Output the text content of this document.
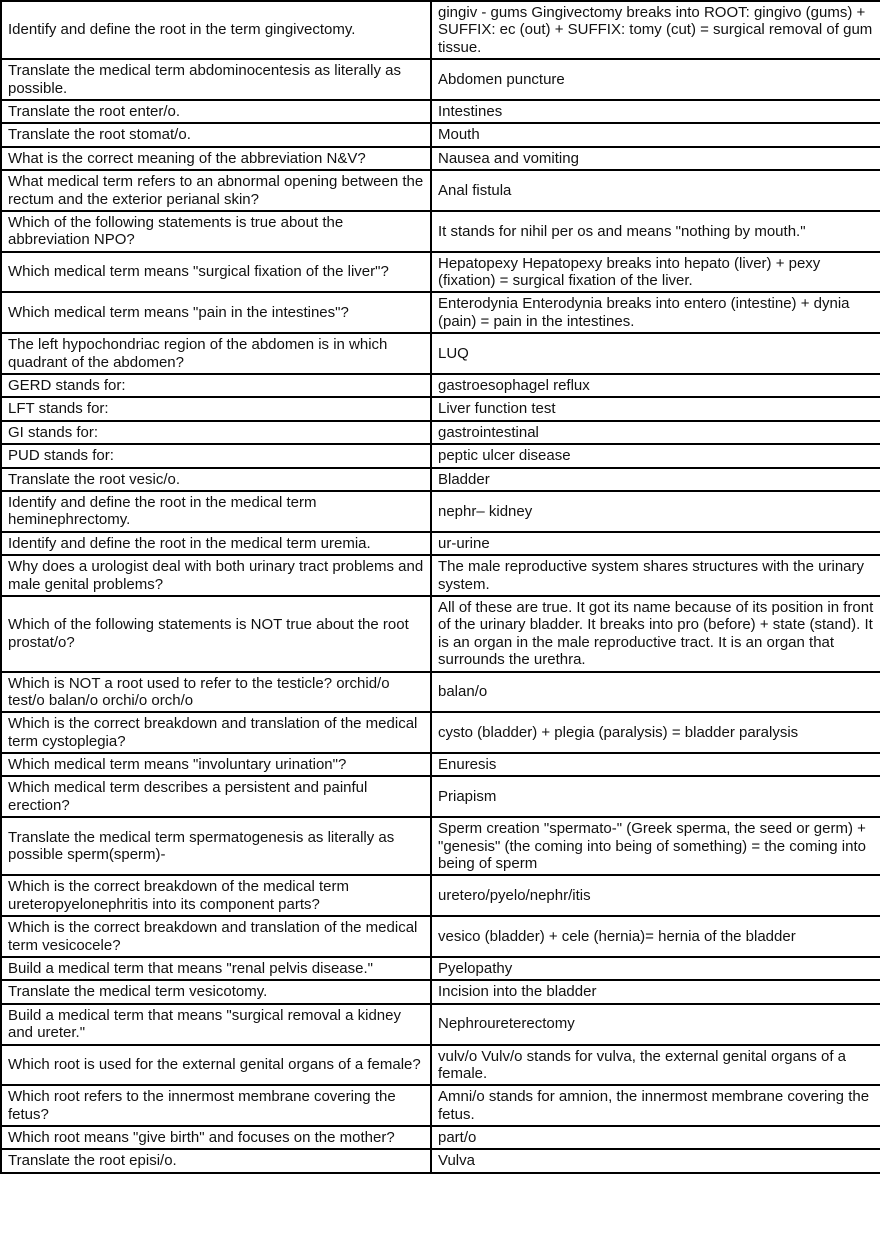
Identify and define the root in the term gingivectomy.	gingiv - gums Gingivectomy breaks into ROOT: gingivo (gums) + SUFFIX: ec (out) + SUFFIX: tomy (cut) = surgical removal of gum tissue.
Translate the medical term abdominocentesis as literally as possible.	Abdomen puncture
Translate the root enter/o.	Intestines
Translate the root stomat/o.	Mouth
What is the correct meaning of the abbreviation N&V?	Nausea and vomiting
What medical term refers to an abnormal opening between the rectum and the exterior perianal skin?	Anal fistula
Which of the following statements is true about the abbreviation NPO?	It stands for nihil per os and means "nothing by mouth."
Which medical term means "surgical fixation of the liver"?	Hepatopexy Hepatopexy breaks into hepato (liver) + pexy (fixation) = surgical fixation of the liver.
Which medical term means "pain in the intestines"?	Enterodynia Enterodynia breaks into entero (intestine) + dynia (pain) = pain in the intestines.
The left hypochondriac region of the abdomen is in which quadrant of the abdomen?	LUQ
GERD stands for:	gastroesophagel reflux
LFT stands for:	Liver function test
GI stands for:	gastrointestinal
PUD stands for:	peptic ulcer disease
Translate the root vesic/o.	Bladder
Identify and define the root in the medical term heminephrectomy.	nephr– kidney
Identify and define the root in the medical term uremia.	ur-urine
Why does a urologist deal with both urinary tract problems and male genital problems?	The male reproductive system shares structures with the urinary system.
Which of the following statements is NOT true about the root prostat/o?	All of these are true. It got its name because of its position in front of the urinary bladder. It breaks into pro (before) + state (stand). It is an organ in the male reproductive tract. It is an organ that surrounds the urethra.
Which is NOT a root used to refer to the testicle? orchid/o test/o balan/o orchi/o orch/o	balan/o
Which is the correct breakdown and translation of the medical term cystoplegia?	cysto (bladder) + plegia (paralysis) = bladder paralysis
Which medical term means "involuntary urination"?	Enuresis
Which medical term describes a persistent and painful erection?	Priapism
Translate the medical term spermatogenesis as literally as possible sperm(sperm)-	Sperm creation "spermato-" (Greek sperma, the seed or germ) + "genesis" (the coming into being of something) = the coming into being of sperm
Which is the correct breakdown of the medical term ureteropyelonephritis into its component parts?	uretero/pyelo/nephr/itis
Which is the correct breakdown and translation of the medical term vesicocele?	vesico (bladder) + cele (hernia)= hernia of the bladder
Build a medical term that means "renal pelvis disease."	Pyelopathy
Translate the medical term vesicotomy.	Incision into the bladder
Build a medical term that means "surgical removal a kidney and ureter."	Nephroureterectomy
Which root is used for the external genital organs of a female?	vulv/o Vulv/o stands for vulva, the external genital organs of a female.
Which root refers to the innermost membrane covering the fetus?	Amni/o stands for amnion, the innermost membrane covering the fetus.
Which root means "give birth" and focuses on the mother?	part/o
Translate the root episi/o.	Vulva
